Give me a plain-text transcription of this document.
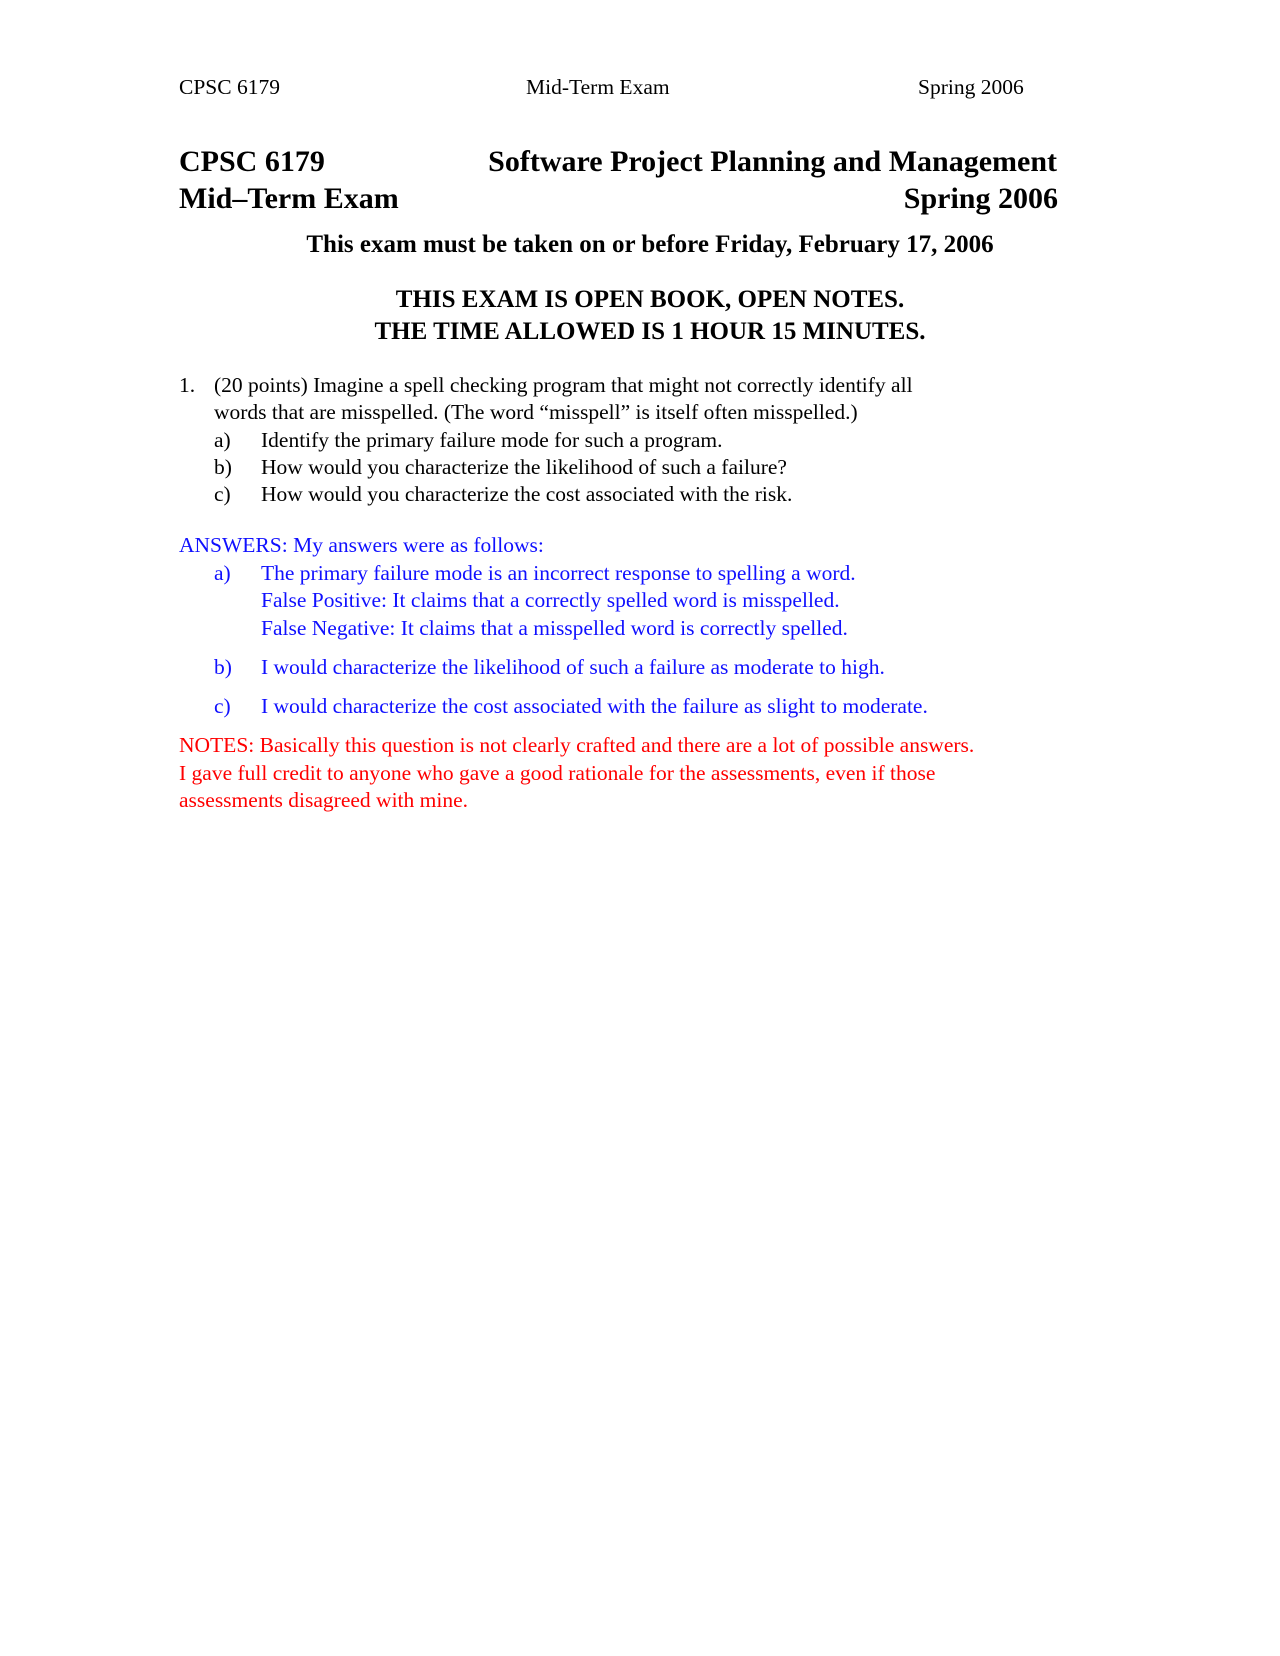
CPSC 6179	Mid-Term Exam	Spring 2006
CPSC 6179	Software Project Planning and Management
Mid–Term Exam	Spring 2006
This exam must be taken on or before Friday, February 17, 2006
THIS EXAM IS OPEN BOOK, OPEN NOTES.
THE TIME ALLOWED IS 1 HOUR 15 MINUTES.
1. (20 points) Imagine a spell checking program that might not correctly identify all
words that are misspelled. (The word “misspell” is itself often misspelled.)
a) Identify the primary failure mode for such a program.
b) How would you characterize the likelihood of such a failure?
c) How would you characterize the cost associated with the risk.
ANSWERS: My answers were as follows:
a) The primary failure mode is an incorrect response to spelling a word.
False Positive: It claims that a correctly spelled word is misspelled.
False Negative: It claims that a misspelled word is correctly spelled.
b) I would characterize the likelihood of such a failure as moderate to high.
c) I would characterize the cost associated with the failure as slight to moderate.
NOTES: Basically this question is not clearly crafted and there are a lot of possible answers.
I gave full credit to anyone who gave a good rationale for the assessments, even if those
assessments disagreed with mine.
